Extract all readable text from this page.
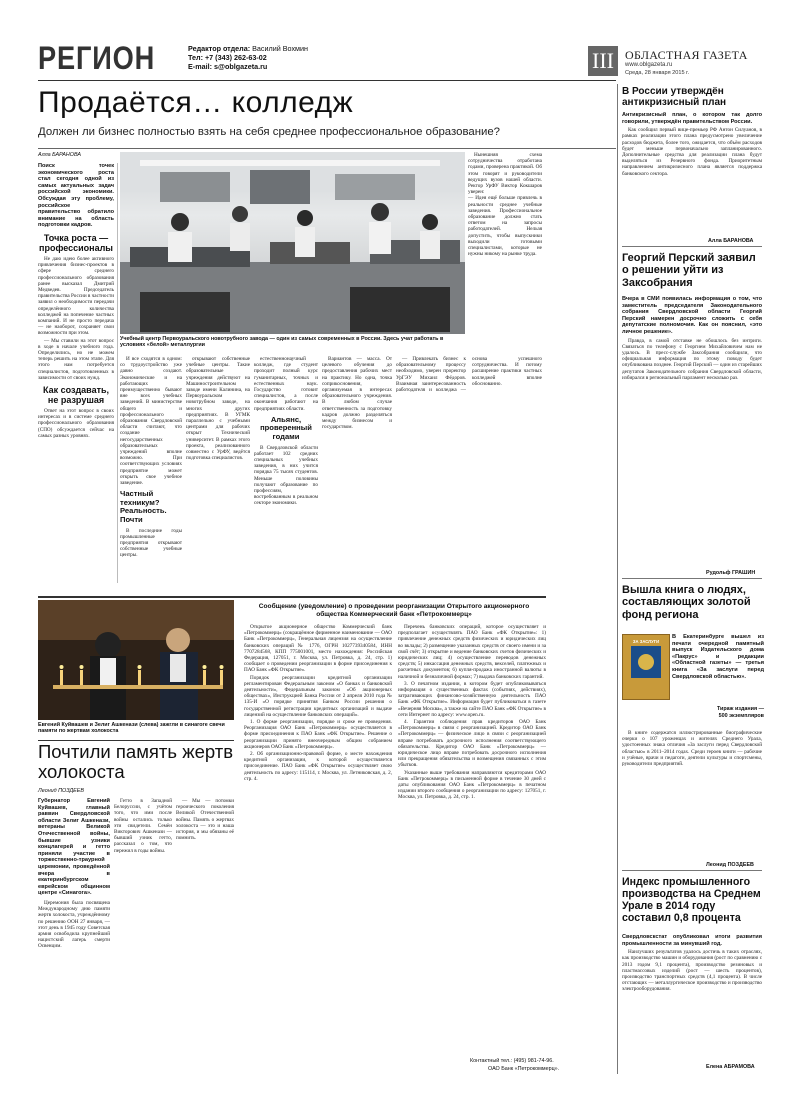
РЕГИОН	Редактор отдела: Василий Вохмин
Тел: +7 (343) 262-63-02
E-mail: s@oblgazeta.ru	III ОБЛАСТНАЯ ГАЗЕТА
www.oblgazeta.ru
Среда, 28 января 2015 г.
Продаётся… колледж
Должен ли бизнес полностью взять на себя среднее профессиональное образование?
Алла БАРАНОВА
Поиск точек экономического роста стал сегодня одной из самых актуальных задач российской экономики. Обсуждая эту проблему, российское правительство обратило внимание на область подготовки кадров.
Точка роста — профессионалы

Не даю идею более активного привлечения бизнес-проектов в сфере среднего профессионального образования ранее высказал Дмитрий Медведев. Председатель правительства России в частности заявил о необходимости передачи определённого количества колледжей на попечение частных компаний. И не просто передача — не наоборот, сохраняет свои возможности при этом.

— Мы ставили на этот вопрос в ходе в начале учебного года. Определились, но не можем теперь решить на этом этапе. Для этого нам потребуется специалистов, подготовленных в зависимости от своих нужд.

Как создавать, не разрушая

Ответ на этот вопрос в своих интересах и в системе среднего профессионального образования (СПО) обсуждается сейчас на самых разных уровнях.

Учебный центр Первоуральского новотрубного завода — один из самых современных в России. Здесь учат работать в условиях «белой» металлургии

И все сходятся в одном: со трудоустройство уже давно создают. Экономические и на работающих преимущественно бывают вне всех учебных заведений. В министерстве общего и профессионального образования Свердловской области считают, что создание негосударственных образовательных учреждений вполне возможно. При соответствующих условиях предприятие может открыть свое учебное заведение.

Частный техникум? Реальность. Почти

В последние годы промышленные предприятия открывают собственные учебные центры.

открывают собственные учебные центры. Такие образовательные учреждения действуют на Машиностроительном заводе имени Калинина, на Первоуральском новотрубном заводе, на многих других предприятиях. В УГМК параллельно с учебными центрами для рабочих открыт Технический университет. В рамках этого проекта, реализованного совместно с УрФУ, ведётся подготовка специалистов.

естественнонаучный колледж, где студент проходит полный курс гуманитарных, точных и естественных наук. Государство готовит специалистов, а после окончания работают на предприятиях области.

Альянс, проверенный годами

В Свердловской области работает 102 средних специальных учебных заведения, в них учится порядка 75 тысяч студентов. Меньше половины получают образование по профессиям, востребованным в реальном секторе экономики.

Вариантов — масса. От целевого обучения до предоставления рабочих мест на практику. Но одна, точка соприкосновения, организуемая в интересах образовательного учреждения. В любом случае ответственность за подготовку кадров должно разделяться между бизнесом и государством.

Нынешняя схема сотрудничества отработана годами, проверена практикой. Об этом говорят и руководители ведущих вузов нашей области. Ректор УрФУ Виктор Кокшаров уверен:
— Идея ещё больше привлечь в реальности среднее учебные заведения. Профессиональное образование должно стать ответом на запросы работодателей. Нельзя допустить, чтобы выпускники выходили готовыми специалистами, которые не нужны никому на рынке труда.

— Привлекать бизнес к образовательному процессу необходимо, уверен проректор УрГЭУ Михаил Фёдоров. Взаимная заинтересованность работодателя и колледжа — основа успешного сотрудничества. И потому расширение практики частных колледжей вполне обоснованно.

Евгений Куйвашев и Зелиг Ашкенази (слева) зажгли в синагоге свечи памяти по жертвам холокоста
Почтили память жертв холокоста
Леонид ПОЗДЕЕВ
Губернатор Евгений Куйвашев, главный раввин Свердловской области Зелиг Ашкенази, ветераны Великой Отечественной войны, бывшие узники концлагерей и гетто приняли участие в торжественно-траурной церемонии, проведённой вчера в екатеринбургском еврейском общинном центре «Синагога».

Церемония была посвящена Международному дню памяти жертв холокоста, учреждённому по решению ООН 27 января, — этот день в 1945 году Советская армия освободила крупнейший нацистский лагерь смерти Освенцим.

Гетто в Западной Белоруссии, с учётом того, что ими после войны остались только эти свидетели. Семён Викторович Ашкенази — бывший узник гетто, рассказал о том, что пережил в годы войны.

— Мы — потомки героического поколения Великой Отечественной войны. Память о жертвах холокоста — это и наша история, и мы обязаны её помнить.

Сообщение (уведомление) о проведении реорганизации Открытого акционерного общества Коммерческий банк «Петрокоммерц»

Открытое акционерное общество Коммерческий банк «Петрокоммерц» (сокращённое фирменное наименование — ОАО Банк «Петрокоммерц», Генеральная лицензия на осуществление банковских операций № 1776, ОГРН 1027739340584, ИНН 7707284568, КПП 775001001, место нахождения: Российская Федерация, 127051, г. Москва, ул. Петровка, д. 24, стр. 1) сообщает о проведении реорганизации в форме присоединения к ПАО Банк «ФК Открытие».

Порядок реорганизации кредитной организации регламентирован Федеральным законом «О банках и банковской деятельности», Федеральным законом «Об акционерных обществах», Инструкцией Банка России от 2 апреля 2010 года № 135-И «О порядке принятия Банком России решения о государственной регистрации кредитных организаций и выдаче лицензий на осуществление банковских операций».

1. О форме реорганизации, порядке и сроке ее проведения. Реорганизация ОАО Банк «Петрокоммерц» осуществляется в форме присоединения к ПАО Банк «ФК Открытие». Решение о реорганизации принято внеочередным общим собранием акционеров ОАО Банк «Петрокоммерц».

2. Об организационно-правовой форме, о месте нахождения кредитной организации, к которой осуществляется присоединение. ПАО Банк «ФК Открытие» осуществляет свою деятельность по адресу: 115114, г. Москва, ул. Летниковская, д. 2, стр. 4.

Перечень банковских операций, которое осуществляет и предполагает осуществлять ПАО Банк «ФК Открытие»: 1) привлечение денежных средств физических и юридических лиц во вклады; 2) размещение указанных средств от своего имени и за свой счёт; 3) открытие и ведение банковских счетов физических и юридических лиц; 4) осуществление переводов денежных средств; 5) инкассация денежных средств, векселей, платежных и расчетных документов; 6) купля-продажа иностранной валюты в наличной и безналичной формах; 7) выдача банковских гарантий.

3. О печатном издании, в котором будет опубликовываться информация о существенных фактах (событиях, действиях), затрагивающих финансово-хозяйственную деятельность ПАО Банк «ФК Открытие». Информация будет публиковаться в газете «Вечерняя Москва», а также на сайте ПАО Банк «ФК Открытие» в сети Интернет по адресу: www.open.ru.

4. Гарантии соблюдения прав кредиторов ОАО Банк «Петрокоммерц» в связи с реорганизацией. Кредитор ОАО Банк «Петрокоммерц» — физическое лицо в связи с реорганизацией вправе потребовать досрочного исполнения соответствующего обязательства. Кредитор ОАО Банк «Петрокоммерц» — юридическое лицо вправе потребовать досрочного исполнения или прекращения обязательства и возмещения связанных с этим убытков.

Указанные выше требования направляются кредиторами ОАО Банк «Петрокоммерц» в письменной форме в течение 30 дней с даты опубликования ОАО Банк «Петрокоммерц» в печатном издании второго сообщения о реорганизации по адресу: 127051, г. Москва, ул. Петровка, д. 24, стр. 1.

Контактный тел.: (495) 981-74-96.
ОАО Банк «Петрокоммерц».
В России утверждён антикризисный план
Антикризисный план, о котором так долго говорили, утверждён правительством России.

Как сообщил первый вице-премьер РФ Антон Силуанов, в рамках реализации этого плана предусмотрено увеличение расходов бюджета, более того, ожидается, что объём расходов будет меньше первоначально запланированного. Дополнительные средства для реализации плана будут выделяться из Резервного фонда. Приоритетным направлением антикризисного плана является поддержка банковского сектора.

Алла БАРАНОВА
Георгий Перский заявил о решении уйти из Заксобрания
Вчера в СМИ появилась информация о том, что заместитель председателя Законодательного собрания Свердловской области Георгий Перский намерен досрочно сложить с себя депутатские полномочия. Как он пояснил, «это личное решение».

Правда, в самой отставке не обошлось без интриги. Связаться по телефону с Георгием Михайловичем нам не удалось. В пресс-службе Заксобрания сообщили, что официальная информация по этому поводу будет опубликована позднее. Георгий Перский — один из старейших депутатов Законодательного собрания Свердловской области, избирался в региональный парламент несколько раз.

Рудольф ГРАШИН
Вышла книга о людях, составляющих золотой фонд региона
ЗА ЗАСЛУГИ
В Екатеринбурге вышел из печати очередной памятный выпуск Издательского дома «Пакрус» и редакции «Областной газеты» — третья книга «За заслуги перед Свердловской областью».
Тираж издания —
500 экземпляров

В книге содержатся иллюстрированные биографические очерки о 107 уроженцах и жителях Среднего Урала, удостоенных знака отличия «За заслуги перед Свердловской областью» в 2011–2014 годах. Среди героев книги — рабочие и учёные, врачи и педагоги, деятели культуры и спортсмены, руководители предприятий.

Леонид ПОЗДЕЕВ
Индекс промышленного производства на Среднем Урале в 2014 году составил 0,8 процента
Свердловскстат опубликовал итоги развития промышленности за минувший год.

Наилучших результатов удалось достичь в таких отраслях, как производство машин и оборудования (рост по сравнению с 2013 годом 9,1 процента), производство резиновых и пластмассовых изделий (рост — шесть процентов), производство транспортных средств (4,1 процента). В числе отстающих — металлургическое производство и производство электрооборудования.

Елена АБРАМОВА
